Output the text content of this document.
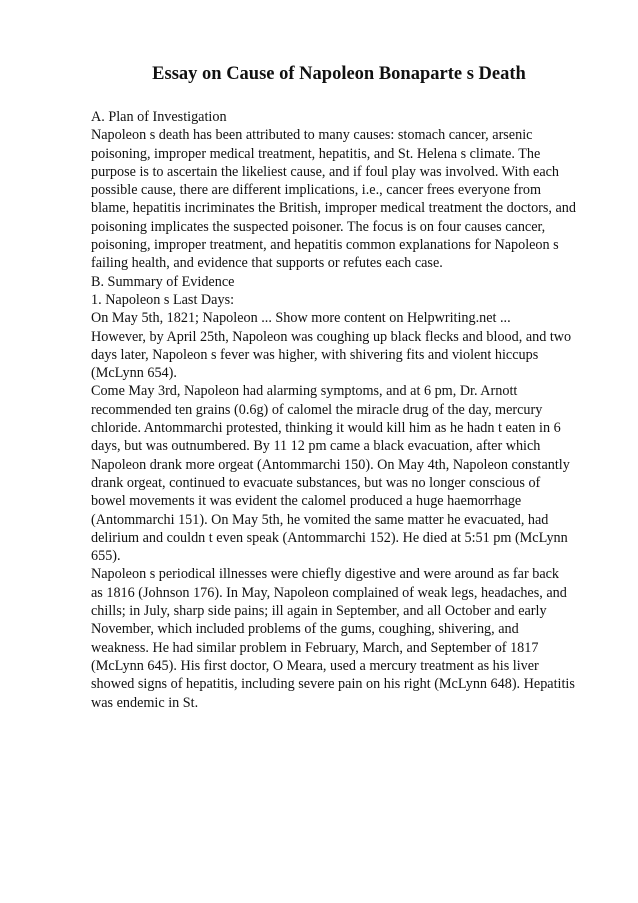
Essay on Cause of Napoleon Bonaparte s Death
A. Plan of Investigation
Napoleon s death has been attributed to many causes: stomach cancer, arsenic
poisoning, improper medical treatment, hepatitis, and St. Helena s climate. The
purpose is to ascertain the likeliest cause, and if foul play was involved. With each
possible cause, there are different implications, i.e., cancer frees everyone from
blame, hepatitis incriminates the British, improper medical treatment the doctors, and
poisoning implicates the suspected poisoner. The focus is on four causes cancer,
poisoning, improper treatment, and hepatitis common explanations for Napoleon s
failing health, and evidence that supports or refutes each case.
B. Summary of Evidence
1. Napoleon s Last Days:
On May 5th, 1821; Napoleon ... Show more content on Helpwriting.net ...
However, by April 25th, Napoleon was coughing up black flecks and blood, and two
days later, Napoleon s fever was higher, with shivering fits and violent hiccups
(McLynn 654).
Come May 3rd, Napoleon had alarming symptoms, and at 6 pm, Dr. Arnott
recommended ten grains (0.6g) of calomel the miracle drug of the day, mercury
chloride. Antommarchi protested, thinking it would kill him as he hadn t eaten in 6
days, but was outnumbered. By 11 12 pm came a black evacuation, after which
Napoleon drank more orgeat (Antommarchi 150). On May 4th, Napoleon constantly
drank orgeat, continued to evacuate substances, but was no longer conscious of
bowel movements it was evident the calomel produced a huge haemorrhage
(Antommarchi 151). On May 5th, he vomited the same matter he evacuated, had
delirium and couldn t even speak (Antommarchi 152). He died at 5:51 pm (McLynn
655).
Napoleon s periodical illnesses were chiefly digestive and were around as far back
as 1816 (Johnson 176). In May, Napoleon complained of weak legs, headaches, and
chills; in July, sharp side pains; ill again in September, and all October and early
November, which included problems of the gums, coughing, shivering, and
weakness. He had similar problem in February, March, and September of 1817
(McLynn 645). His first doctor, O Meara, used a mercury treatment as his liver
showed signs of hepatitis, including severe pain on his right (McLynn 648). Hepatitis
was endemic in St.
